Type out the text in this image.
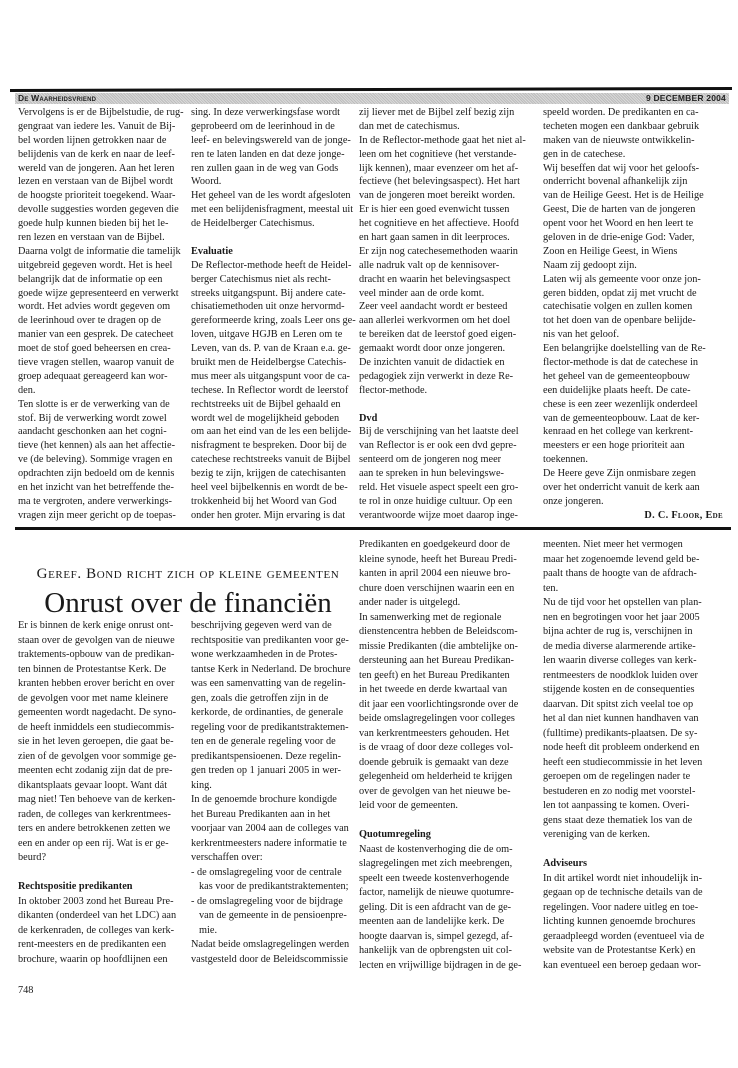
De Waarheidsvriend	9 DECEMBER 2004
Vervolgens is er de Bijbelstudie, de rug-
gengraat van iedere les. Vanuit de Bij-
bel worden lijnen getrokken naar de
belijdenis van de kerk en naar de leef-
wereld van de jongeren. Aan het leren
lezen en verstaan van de Bijbel wordt
de hoogste prioriteit toegekend. Waar-
devolle suggesties worden gegeven die
goede hulp kunnen bieden bij het le-
ren lezen en verstaan van de Bijbel.
Daarna volgt de informatie die tamelijk
uitgebreid gegeven wordt. Het is heel
belangrijk dat de informatie op een
goede wijze gepresenteerd en verwerkt
wordt. Het advies wordt gegeven om
de leerinhoud over te dragen op de
manier van een gesprek. De catecheet
moet de stof goed beheersen en crea-
tieve vragen stellen, waarop vanuit de
groep adequaat gereageerd kan wor-
den.
Ten slotte is er de verwerking van de
stof. Bij de verwerking wordt zowel
aandacht geschonken aan het cogni-
tieve (het kennen) als aan het affectie-
ve (de beleving). Sommige vragen en
opdrachten zijn bedoeld om de kennis
en het inzicht van het betreffende the-
ma te vergroten, andere verwerkings-
vragen zijn meer gericht op de toepas-
sing. In deze verwerkingsfase wordt
geprobeerd om de leerinhoud in de
leef- en belevingswereld van de jonge-
ren te laten landen en dat deze jonge-
ren zullen gaan in de weg van Gods
Woord.
Het geheel van de les wordt afgesloten
met een belijdenisfragment, meestal uit
de Heidelberger Catechismus.
Evaluatie
De Reflector-methode heeft de Heidel-
berger Catechismus niet als recht-
streeks uitgangspunt. Bij andere cate-
chisatiemethoden uit onze hervormd-
gereformeerde kring, zoals Leer ons ge-
loven, uitgave HGJB en Leren om te
Leven, van ds. P. van de Kraan e.a. ge-
bruikt men de Heidelbergse Catechis-
mus meer als uitgangspunt voor de ca-
techese. In Reflector wordt de leerstof
rechtstreeks uit de Bijbel gehaald en
wordt wel de mogelijkheid geboden
om aan het eind van de les een belijde-
nisfragment te bespreken. Door bij de
catechese rechtstreeks vanuit de Bijbel
bezig te zijn, krijgen de catechisanten
heel veel bijbelkennis en wordt de be-
trokkenheid bij het Woord van God
onder hen groter. Mijn ervaring is dat
zij liever met de Bijbel zelf bezig zijn
dan met de catechismus.
In de Reflector-methode gaat het niet al-
leen om het cognitieve (het verstande-
lijk kennen), maar evenzeer om het af-
fectieve (het belevingsaspect). Het hart
van de jongeren moet bereikt worden.
Er is hier een goed evenwicht tussen
het cognitieve en het affectieve. Hoofd
en hart gaan samen in dit leerproces.
Er zijn nog catechesemethoden waarin
alle nadruk valt op de kennisover-
dracht en waarin het belevingsaspect
veel minder aan de orde komt.
Zeer veel aandacht wordt er besteed
aan allerlei werkvormen om het doel
te bereiken dat de leerstof goed eigen-
gemaakt wordt door onze jongeren.
De inzichten vanuit de didactiek en
pedagogiek zijn verwerkt in deze Re-
flector-methode.
Dvd
Bij de verschijning van het laatste deel
van Reflector is er ook een dvd gepre-
senteerd om de jongeren nog meer
aan te spreken in hun belevingswe-
reld. Het visuele aspect speelt een gro-
te rol in onze huidige cultuur. Op een
verantwoorde wijze moet daarop inge-
speeld worden. De predikanten en ca-
techeten mogen een dankbaar gebruik
maken van de nieuwste ontwikkelin-
gen in de catechese.
Wij beseffen dat wij voor het geloofs-
onderricht bovenal afhankelijk zijn
van de Heilige Geest. Het is de Heilige
Geest, Die de harten van de jongeren
opent voor het Woord en hen leert te
geloven in de drie-enige God: Vader,
Zoon en Heilige Geest, in Wiens
Naam zij gedoopt zijn.
Laten wij als gemeente voor onze jon-
geren bidden, opdat zij met vrucht de
catechisatie volgen en zullen komen
tot het doen van de openbare belijde-
nis van het geloof.
Een belangrijke doelstelling van de Re-
flector-methode is dat de catechese in
het geheel van de gemeenteopbouw
een duidelijke plaats heeft. De cate-
chese is een zeer wezenlijk onderdeel
van de gemeenteopbouw. Laat de ker-
kenraad en het college van kerkrent-
meesters er een hoge prioriteit aan
toekennen.
De Heere geve Zijn onmisbare zegen
over het onderricht vanuit de kerk aan
onze jongeren.
D. C. Floor, Ede
Geref. Bond richt zich op kleine gemeenten
Onrust over de financiën
Er is binnen de kerk enige onrust ont-
staan over de gevolgen van de nieuwe
traktements-opbouw van de predikan-
ten binnen de Protestantse Kerk. De
kranten hebben erover bericht en over
de gevolgen voor met name kleinere
gemeenten wordt nagedacht. De syno-
de heeft inmiddels een studiecommis-
sie in het leven geroepen, die gaat be-
zien of de gevolgen voor sommige ge-
meenten echt zodanig zijn dat de pre-
dikantsplaats gevaar loopt. Want dát
mag niet! Ten behoeve van de kerken-
raden, de colleges van kerkrentmees-
ters en andere betrokkenen zetten we
een en ander op een rij. Wat is er ge-
beurd?
Rechtspositie predikanten
In oktober 2003 zond het Bureau Pre-
dikanten (onderdeel van het LDC) aan
de kerkenraden, de colleges van kerk-
rent-meesters en de predikanten een
brochure, waarin op hoofdlijnen een
beschrijving gegeven werd van de
rechtspositie van predikanten voor ge-
wone werkzaamheden in de Protes-
tantse Kerk in Nederland. De brochure
was een samenvatting van de regelin-
gen, zoals die getroffen zijn in de
kerkorde, de ordinanties, de generale
regeling voor de predikantstraktemen-
ten en de generale regeling voor de
predikantspensioenen. Deze regelin-
gen treden op 1 januari 2005 in wer-
king.
In de genoemde brochure kondigde
het Bureau Predikanten aan in het
voorjaar van 2004 aan de colleges van
kerkrentmeesters nadere informatie te
verschaffen over:
- de omslagregeling voor de centrale
kas voor de predikantstraktementen;
- de omslagregeling voor de bijdrage
van de gemeente in de pensioenpre-
mie.
Nadat beide omslagregelingen werden
vastgesteld door de Beleidscommissie
Predikanten en goedgekeurd door de
kleine synode, heeft het Bureau Predi-
kanten in april 2004 een nieuwe bro-
chure doen verschijnen waarin een en
ander nader is uitgelegd.
In samenwerking met de regionale
dienstencentra hebben de Beleidscom-
missie Predikanten (die ambtelijke on-
dersteuning aan het Bureau Predikan-
ten geeft) en het Bureau Predikanten
in het tweede en derde kwartaal van
dit jaar een voorlichtingsronde over de
beide omslagregelingen voor colleges
van kerkrentmeesters gehouden. Het
is de vraag of door deze colleges vol-
doende gebruik is gemaakt van deze
gelegenheid om helderheid te krijgen
over de gevolgen van het nieuwe be-
leid voor de gemeenten.
Quotumregeling
Naast de kostenverhoging die de om-
slagregelingen met zich meebrengen,
speelt een tweede kostenverhogende
factor, namelijk de nieuwe quotumre-
geling. Dit is een afdracht van de ge-
meenten aan de landelijke kerk. De
hoogte daarvan is, simpel gezegd, af-
hankelijk van de opbrengsten uit col-
lecten en vrijwillige bijdragen in de ge-
meenten. Niet meer het vermogen
maar het zogenoemde levend geld be-
paalt thans de hoogte van de afdrach-
ten.
Nu de tijd voor het opstellen van plan-
nen en begrotingen voor het jaar 2005
bijna achter de rug is, verschijnen in
de media diverse alarmerende artike-
len waarin diverse colleges van kerk-
rentmeesters de noodklok luiden over
stijgende kosten en de consequenties
daarvan. Dit spitst zich veelal toe op
het al dan niet kunnen handhaven van
(fulltime) predikants-plaatsen. De sy-
node heeft dit probleem onderkend en
heeft een studiecommissie in het leven
geroepen om de regelingen nader te
bestuderen en zo nodig met voorstel-
len tot aanpassing te komen. Overi-
gens staat deze thematiek los van de
vereniging van de kerken.
Adviseurs
In dit artikel wordt niet inhoudelijk in-
gegaan op de technische details van de
regelingen. Voor nadere uitleg en toe-
lichting kunnen genoemde brochures
geraadpleegd worden (eventueel via de
website van de Protestantse Kerk) en
kan eventueel een beroep gedaan wor-
748
